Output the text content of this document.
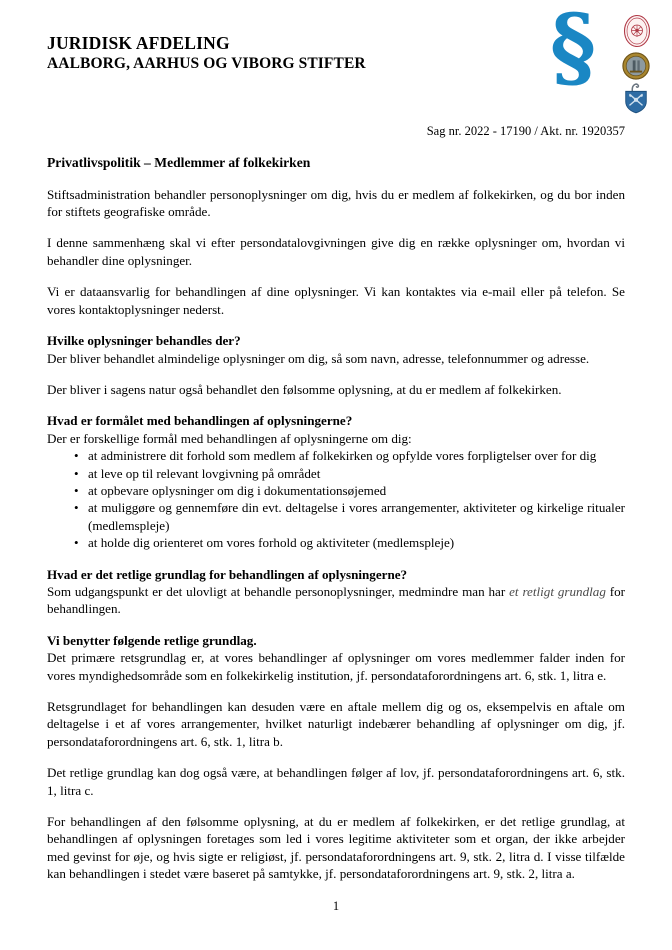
JURIDISK AFDELING
AALBORG, AARHUS OG VIBORG STIFTER	§
Sag nr. 2022 - 17190 / Akt. nr. 1920357
Privatlivspolitik – Medlemmer af folkekirken

Stiftsadministration behandler personoplysninger om dig, hvis du er medlem af folkekirken, og du bor inden for stiftets geografiske område.

I denne sammenhæng skal vi efter persondatalovgivningen give dig en række oplysninger om, hvordan vi behandler dine oplysninger.

Vi er dataansvarlig for behandlingen af dine oplysninger. Vi kan kontaktes via e-mail eller på telefon. Se vores kontaktoplysninger nederst.

Hvilke oplysninger behandles der?

Der bliver behandlet almindelige oplysninger om dig, så som navn, adresse, telefonnummer og adresse.

Der bliver i sagens natur også behandlet den følsomme oplysning, at du er medlem af folkekirken.

Hvad er formålet med behandlingen af oplysningerne?

Der er forskellige formål med behandlingen af oplysningerne om dig:

• at administrere dit forhold som medlem af folkekirken og opfylde vores forpligtelser over for dig
• at leve op til relevant lovgivning på området
• at opbevare oplysninger om dig i dokumentationsøjemed
• at muliggøre og gennemføre din evt. deltagelse i vores arrangementer, aktiviteter og kirkelige ritualer (medlemspleje)
• at holde dig orienteret om vores forhold og aktiviteter (medlemspleje)
Hvad er det retlige grundlag for behandlingen af oplysningerne?

Som udgangspunkt er det ulovligt at behandle personoplysninger, medmindre man har et retligt grundlag for behandlingen.

Vi benytter følgende retlige grundlag.

Det primære retsgrundlag er, at vores behandlinger af oplysninger om vores medlemmer falder inden for vores myndighedsområde som en folkekirkelig institution, jf. persondataforordningens art. 6, stk. 1, litra e.

Retsgrundlaget for behandlingen kan desuden være en aftale mellem dig og os, eksempelvis en aftale om deltagelse i et af vores arrangementer, hvilket naturligt indebærer behandling af oplysninger om dig, jf. persondataforordningens art. 6, stk. 1, litra b.

Det retlige grundlag kan dog også være, at behandlingen følger af lov, jf. persondataforordningens art. 6, stk. 1, litra c.

For behandlingen af den følsomme oplysning, at du er medlem af folkekirken, er det retlige grundlag, at behandlingen af oplysningen foretages som led i vores legitime aktiviteter som et organ, der ikke arbejder med gevinst for øje, og hvis sigte er religiøst, jf. persondataforordningens art. 9, stk. 2, litra d. I visse tilfælde kan behandlingen i stedet være baseret på samtykke, jf. persondataforordningens art. 9, stk. 2, litra a.

1
